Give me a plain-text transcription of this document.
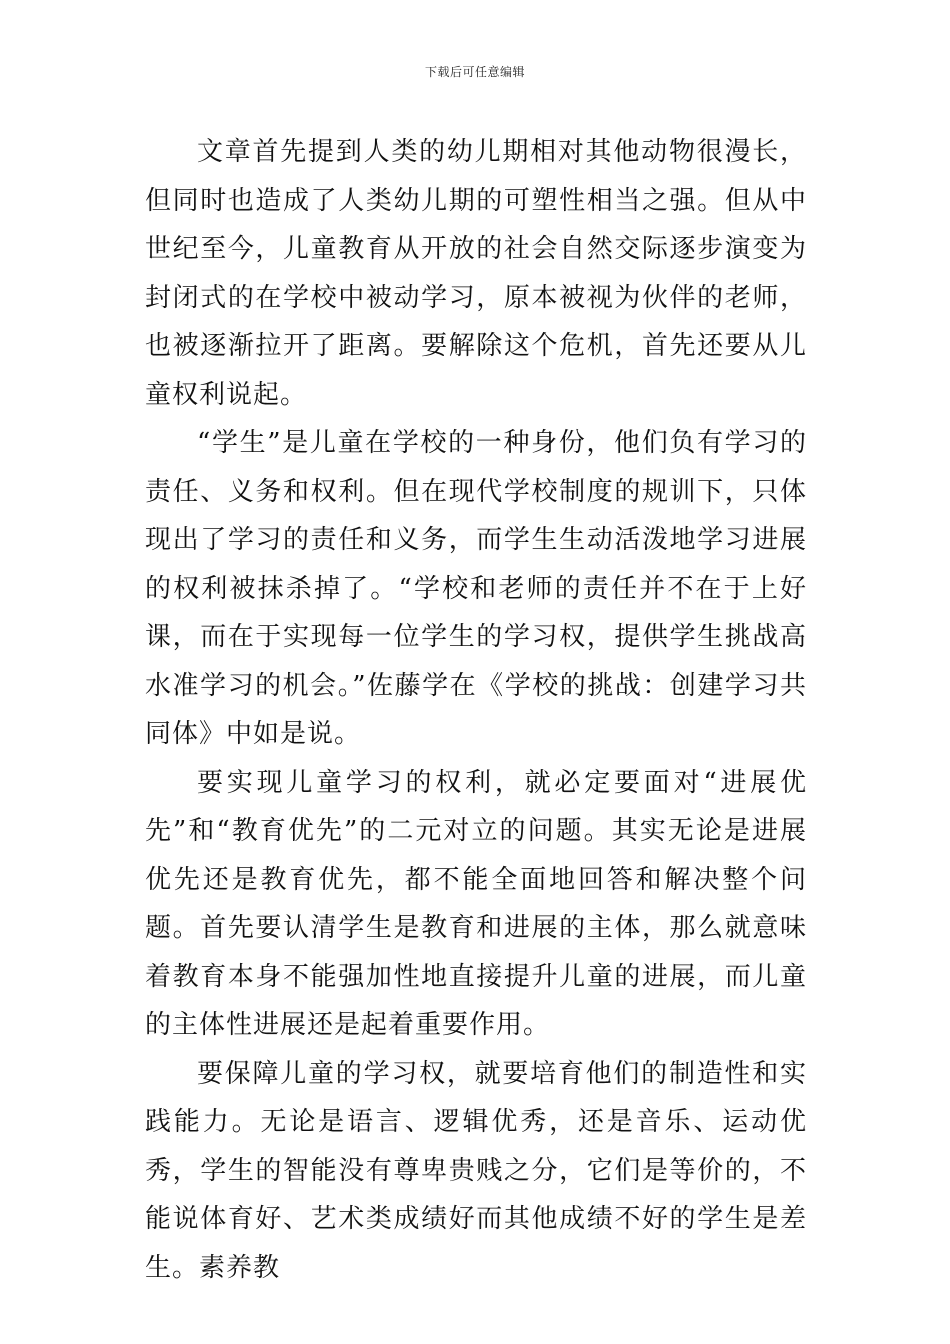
下载后可任意编辑

文章首先提到人类的幼儿期相对其他动物很漫长，但同时也造成了人类幼儿期的可塑性相当之强。但从中世纪至今，儿童教育从开放的社会自然交际逐步演变为封闭式的在学校中被动学习，原本被视为伙伴的老师，也被逐渐拉开了距离。要解除这个危机，首先还要从儿童权利说起。

“学生”是儿童在学校的一种身份，他们负有学习的责任、义务和权利。但在现代学校制度的规训下，只体现出了学习的责任和义务，而学生生动活泼地学习进展的权利被抹杀掉了。“学校和老师的责任并不在于上好课，而在于实现每一位学生的学习权，提供学生挑战高水准学习的机会。”佐藤学在《学校的挑战：创建学习共同体》中如是说。

要实现儿童学习的权利，就必定要面对“进展优先”和“教育优先”的二元对立的问题。其实无论是进展优先还是教育优先，都不能全面地回答和解决整个问题。首先要认清学生是教育和进展的主体，那么就意味着教育本身不能强加性地直接提升儿童的进展，而儿童的主体性进展还是起着重要作用。

要保障儿童的学习权，就要培育他们的制造性和实践能力。无论是语言、逻辑优秀，还是音乐、运动优秀，学生的智能没有尊卑贵贱之分，它们是等价的，不能说体育好、艺术类成绩好而其他成绩不好的学生是差生。素养教
